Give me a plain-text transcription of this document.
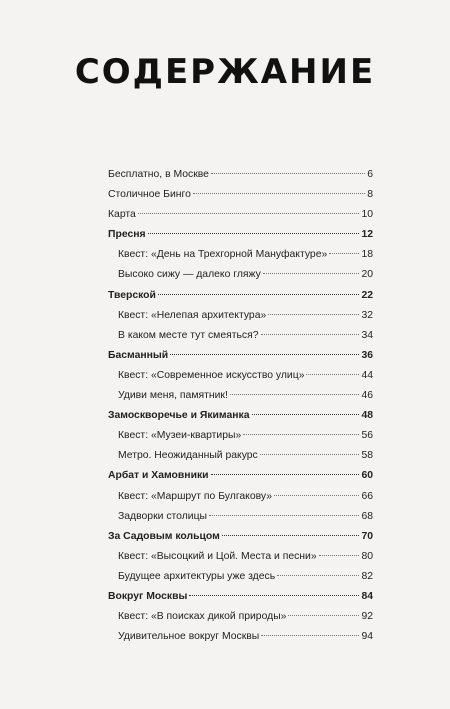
СОДЕРЖАНИЕ
Бесплатно, в Москве	6
Столичное Бинго	8
Карта	10
Пресня	12
Квест: «День на Трехгорной Мануфактуре»	18
Высоко сижу — далеко гляжу	20
Тверской	22
Квест: «Нелепая архитектура»	32
В каком месте тут смеяться?	34
Басманный	36
Квест: «Современное искусство улиц»	44
Удиви меня, памятник!	46
Замоскворечье и Якиманка	48
Квест: «Музеи-квартиры»	56
Метро. Неожиданный ракурс	58
Арбат и Хамовники	60
Квест: «Маршрут по Булгакову»	66
Задворки столицы	68
За Садовым кольцом	70
Квест: «Высоцкий и Цой. Места и песни»	80
Будущее архитектуры уже здесь	82
Вокруг Москвы	84
Квест: «В поисках дикой природы»	92
Удивительное вокруг Москвы	94
